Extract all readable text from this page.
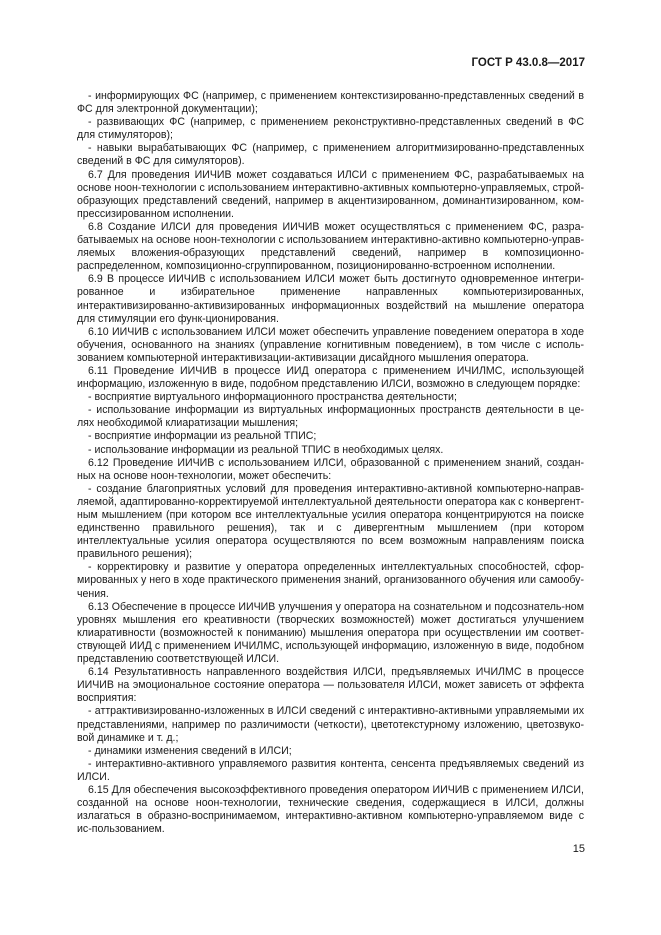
ГОСТ Р 43.0.8—2017

- информирующих ФС (например, с применением контекстизированно-представленных сведений в ФС для электронной документации);

- развивающих ФС (например, с применением реконструктивно-представленных сведений в ФС для стимуляторов);

- навыки вырабатывающих ФС (например, с применением алгоритмизированно-представленных сведений в ФС для симуляторов).

6.7 Для проведения ИИЧИВ может создаваться ИЛСИ с применением ФС, разрабатываемых на основе ноон-технологии с использованием интерактивно-активных компьютерно-управляемых, строй-образующих представлений сведений, например в акцентизированном, доминантизированном, ком-прессизированном исполнении.

6.8 Создание ИЛСИ для проведения ИИЧИВ может осуществляться с применением ФС, разра-батываемых на основе ноон-технологии с использованием интерактивно-активно компьютерно-управ-ляемых вложения-образующих представлений сведений, например в композиционно-распределенном, композиционно-сгруппированном, позиционированно-встроенном исполнении.

6.9 В процессе ИИЧИВ с использованием ИЛСИ может быть достигнуто одновременное интегри-рованное и избирательное применение направленных компьютеризированных, интерактивизированно-активизированных информационных воздействий на мышление оператора для стимуляции его функ-ционирования.

6.10 ИИЧИВ с использованием ИЛСИ может обеспечить управление поведением оператора в ходе обучения, основанного на знаниях (управление когнитивным поведением), в том числе с исполь-зованием компьютерной интерактивизации-активизации дисайдного мышления оператора.

6.11 Проведение ИИЧИВ в процессе ИИД оператора с применением ИЧИЛМС, использующей информацию, изложенную в виде, подобном представлению ИЛСИ, возможно в следующем порядке:

- восприятие виртуального информационного пространства деятельности;

- использование информации из виртуальных информационных пространств деятельности в це-лях необходимой клиаратизации мышления;

- восприятие информации из реальной ТПИС;

- использование информации из реальной ТПИС в необходимых целях.

6.12 Проведение ИИЧИВ с использованием ИЛСИ, образованной с применением знаний, создан-ных на основе ноон-технологии, может обеспечить:

- создание благоприятных условий для проведения интерактивно-активной компьютерно-направ-ляемой, адаптированно-корректируемой интеллектуальной деятельности оператора как с конвергент-ным мышлением (при котором все интеллектуальные усилия оператора концентрируются на поиске единственно правильного решения), так и с дивергентным мышлением (при котором интеллектуальные усилия оператора осуществляются по всем возможным направлениям поиска правильного решения);

- корректировку и развитие у оператора определенных интеллектуальных способностей, сфор-мированных у него в ходе практического применения знаний, организованного обучения или самообу-чения.

6.13 Обеспечение в процессе ИИЧИВ улучшения у оператора на сознательном и подсознатель-ном уровнях мышления его креативности (творческих возможностей) может достигаться улучшением клиаративности (возможностей к пониманию) мышления оператора при осуществлении им соответ-ствующей ИИД с применением ИЧИЛМС, использующей информацию, изложенную в виде, подобном представлению соответствующей ИЛСИ.

6.14 Результативность направленного воздействия ИЛСИ, предъявляемых ИЧИЛМС в процессе ИИЧИВ на эмоциональное состояние оператора — пользователя ИЛСИ, может зависеть от эффекта восприятия:

- аттрактивизированно-изложенных в ИЛСИ сведений с интерактивно-активными управляемыми их представлениями, например по различимости (четкости), цветотекстурному изложению, цветозвуко-вой динамике и т. д.;

- динамики изменения сведений в ИЛСИ;

- интерактивно-активного управляемого развития контента, сенсента предъявляемых сведений из ИЛСИ.

6.15 Для обеспечения высокоэффективного проведения оператором ИИЧИВ с применением ИЛСИ, созданной на основе ноон-технологии, технические сведения, содержащиеся в ИЛСИ, должны излагаться в образно-воспринимаемом, интерактивно-активном компьютерно-управляемом виде с ис-пользованием.

15
